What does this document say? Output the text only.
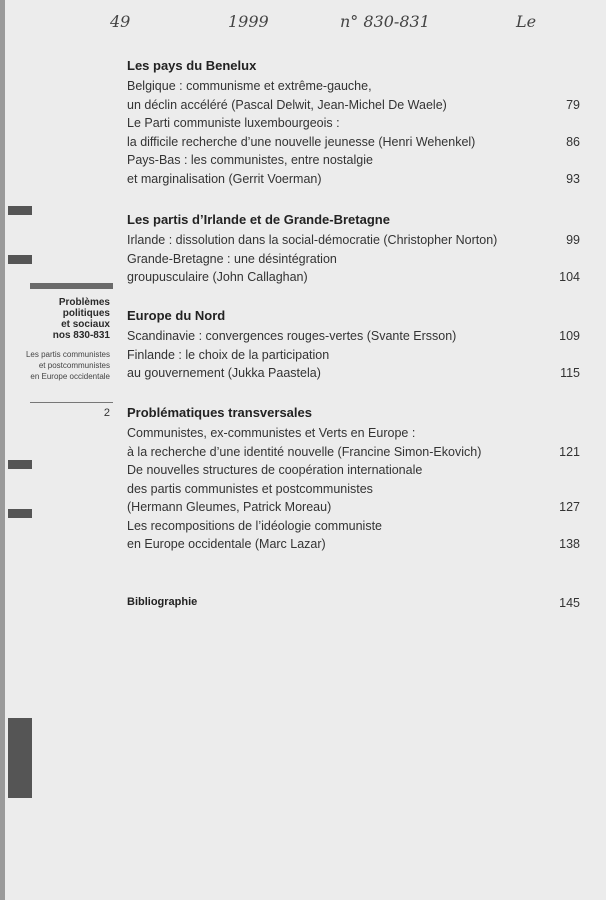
49	1999	n° 830-831	Le
Problèmes
politiques
et sociaux
nos 830-831
Les partis communistes
et postcommunistes
en Europe occidentale
2
Les pays du Benelux
Belgique : communisme et extrême-gauche,
un déclin accéléré (Pascal Delwit, Jean-Michel De Waele)	79
Le Parti communiste luxembourgeois :
la difficile recherche d’une nouvelle jeunesse (Henri Wehenkel)	86
Pays-Bas : les communistes, entre nostalgie
et marginalisation (Gerrit Voerman)	93
Les partis d’Irlande et de Grande-Bretagne
Irlande : dissolution dans la social-démocratie (Christopher Norton)	99
Grande-Bretagne : une désintégration
groupusculaire (John Callaghan)	104
Europe du Nord
Scandinavie : convergences rouges-vertes (Svante Ersson)	109
Finlande : le choix de la participation
au gouvernement (Jukka Paastela)	115
Problématiques transversales
Communistes, ex-communistes et Verts en Europe :
à la recherche d’une identité nouvelle (Francine Simon-Ekovich)	121
De nouvelles structures de coopération internationale
des partis communistes et postcommunistes
(Hermann Gleumes, Patrick Moreau)	127
Les recompositions de l’idéologie communiste
en Europe occidentale (Marc Lazar)	138
Bibliographie	145
